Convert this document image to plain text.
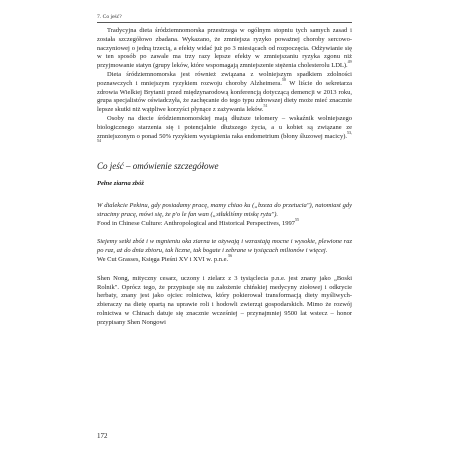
7. Co jeść?

Tradycyjna dieta śródziemnomorska przestrzega w ogólnym stopniu tych samych zasad i została szczegółowo zbadana. Wykazano, że zmniejsza ryzyko poważnej choroby sercowo-naczyniowej o jedną trzecią, a efekty widać już po 3 miesiącach od rozpoczęcia. Odżywianie się w ten sposób po zawale ma trzy razy lepsze efekty w zmniejszaniu ryzyka zgonu niż przyjmowanie statyn (grupy leków, które wspomagają zmniejszenie stężenia cholesterolu LDL).$^{49}$

Dieta śródziemnomorska jest również związana z wolniejszym spadkiem zdolności poznawczych i mniejszym ryzykiem rozwoju choroby Alzheimera.$^{50}$ W liście do sekretarza zdrowia Wielkiej Brytanii przed międzynarodową konferencją dotyczącą demencji w 2013 roku, grupa specjalistów oświadczyła, że zachęcanie do tego typu zdrowszej diety może mieć znacznie lepsze skutki niż wątpliwe korzyści płynące z zażywania leków.$^{51}$

Osoby na diecie śródziemnomorskiej mają dłuższe telomery – wskaźnik wolniejszego biologicznego starzenia się i potencjalnie dłuższego życia, a u kobiet są związane ze zmniejszonym o ponad 50% ryzykiem wystąpienia raka endometrium (błony śluzowej macicy).$^{53, 54}$

Co jeść – omówienie szczegółowe
Pełne ziarna zbóż

W dialekcie Pekinu, gdy posiadamy pracę, mamy chiao ku („bzeza do przetucia"), natomiast gdy stracimy pracę, mówi się, że p'o le fan wan („stłukliśmy miskę ryżu").

Food in Chinese Culture: Anthropological and Historical Perspectives, 1997$^{55}$

Siejemy setki zbóż i w mgnieniu oka ziarna te ożywają i wzrastają mocne i wysokie, plewione raz po raz, aż do dnia zbioru, tak liczne, tak bogate i zebrane w tysiącach milionów i więcej.

We Cut Grasses, Księga Pieśni XV i XVI w. p.n.e.$^{56}$

Shen Nong, mityczny cesarz, uczony i zielarz z 3 tysiąclecia p.n.e. jest znany jako „Boski Rolnik". Oprócz tego, że przypisuje się nu założenie chińskiej medycyny ziołowej i odkrycie herbaty, znany jest jako ojciec rolnictwa, który pokierował transformacją diety myśliwych-zbieraczy na dietę opartą na uprawie roli i hodowli zwierząt gospodarskich. Mimo że rozwój rolnictwa w Chinach datuje się znacznie wcześniej – przynajmniej 9500 lat wstecz – honor przypisany Shen Nongowi

172
